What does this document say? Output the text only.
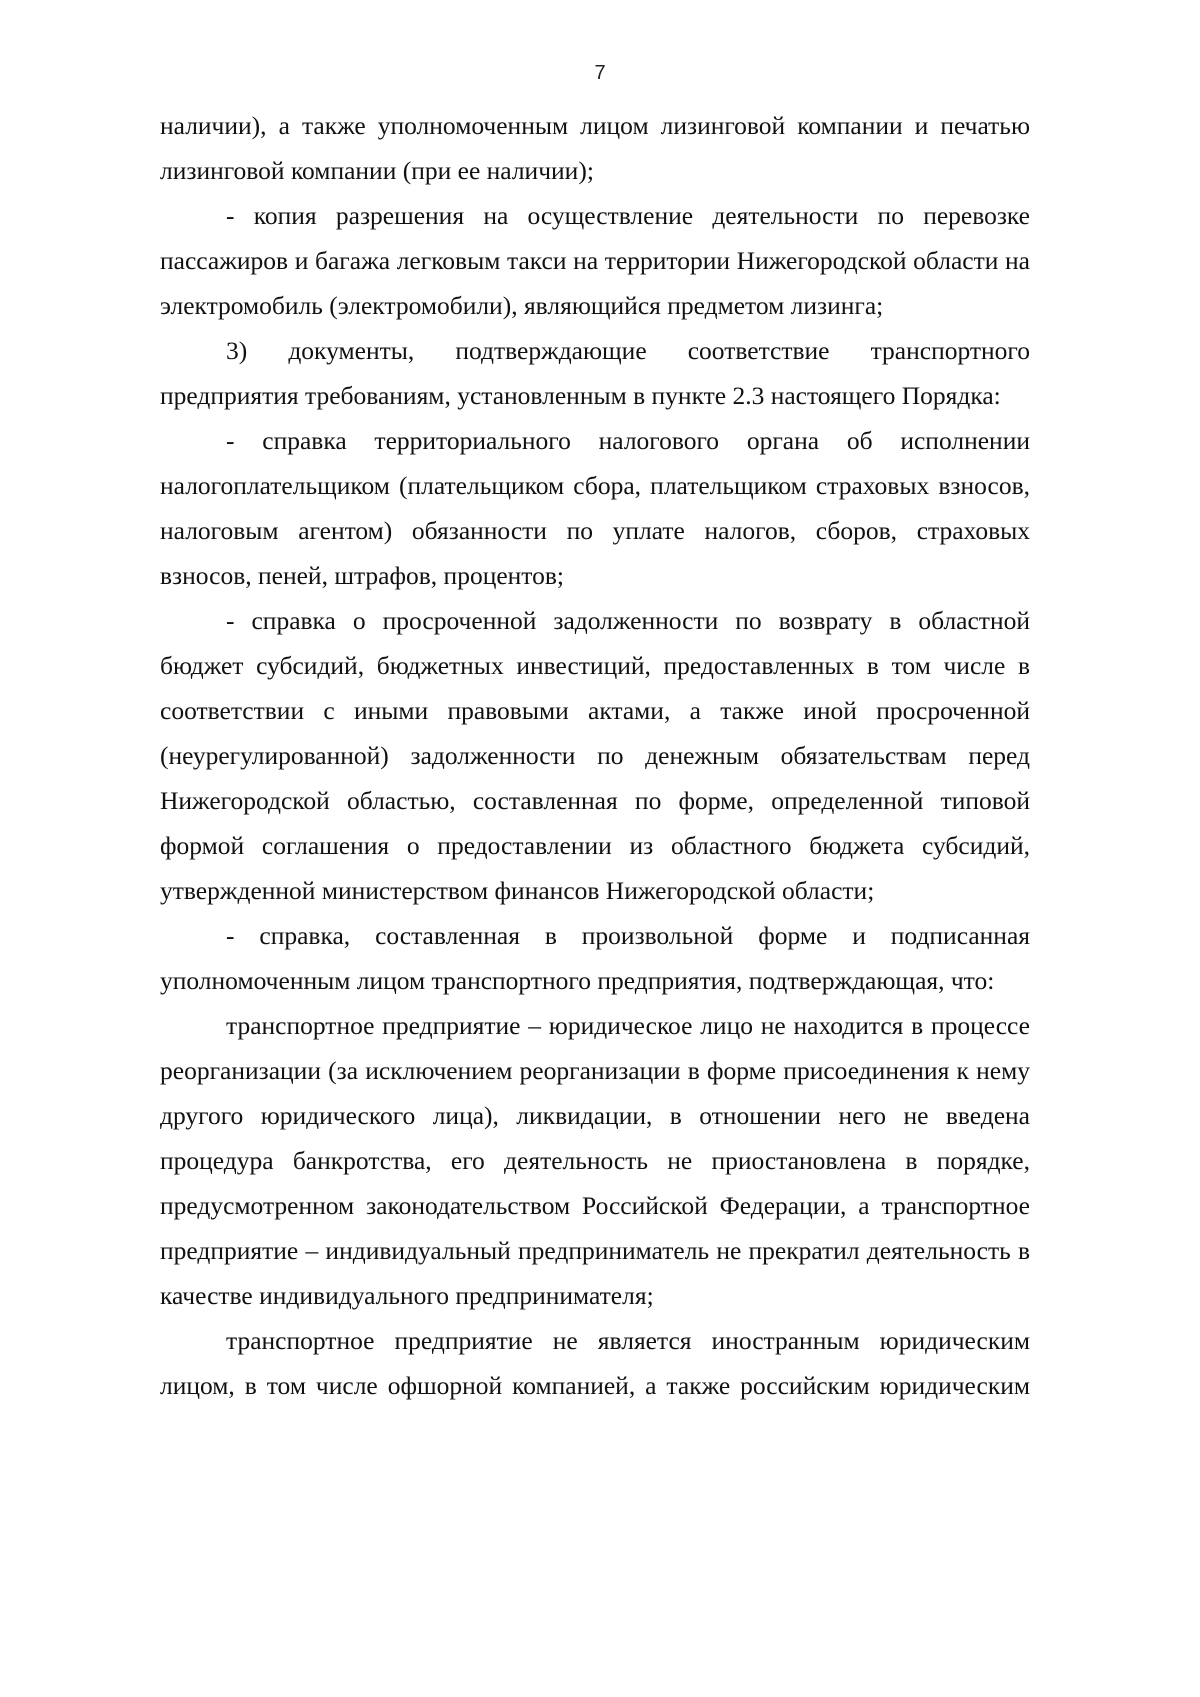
7

наличии), а также уполномоченным лицом лизинговой компании и печатью лизинговой компании (при ее наличии);

- копия разрешения на осуществление деятельности по перевозке пассажиров и багажа легковым такси на территории Нижегородской области на электромобиль (электромобили), являющийся предметом лизинга;

3) документы, подтверждающие соответствие транспортного предприятия требованиям, установленным в пункте 2.3 настоящего Порядка:

- справка территориального налогового органа об исполнении налогоплательщиком (плательщиком сбора, плательщиком страховых взносов, налоговым агентом) обязанности по уплате налогов, сборов, страховых взносов, пеней, штрафов, процентов;

- справка о просроченной задолженности по возврату в областной бюджет субсидий, бюджетных инвестиций, предоставленных в том числе в соответствии с иными правовыми актами, а также иной просроченной (неурегулированной) задолженности по денежным обязательствам перед Нижегородской областью, составленная по форме, определенной типовой формой соглашения о предоставлении из областного бюджета субсидий, утвержденной министерством финансов Нижегородской области;

- справка, составленная в произвольной форме и подписанная уполномоченным лицом транспортного предприятия, подтверждающая, что:

транспортное предприятие – юридическое лицо не находится в процессе реорганизации (за исключением реорганизации в форме присоединения к нему другого юридического лица), ликвидации, в отношении него не введена процедура банкротства, его деятельность не приостановлена в порядке, предусмотренном законодательством Российской Федерации, а транспортное предприятие – индивидуальный предприниматель не прекратил деятельность в качестве индивидуального предпринимателя;

транспортное предприятие не является иностранным юридическим лицом, в том числе офшорной компанией, а также российским юридическим
